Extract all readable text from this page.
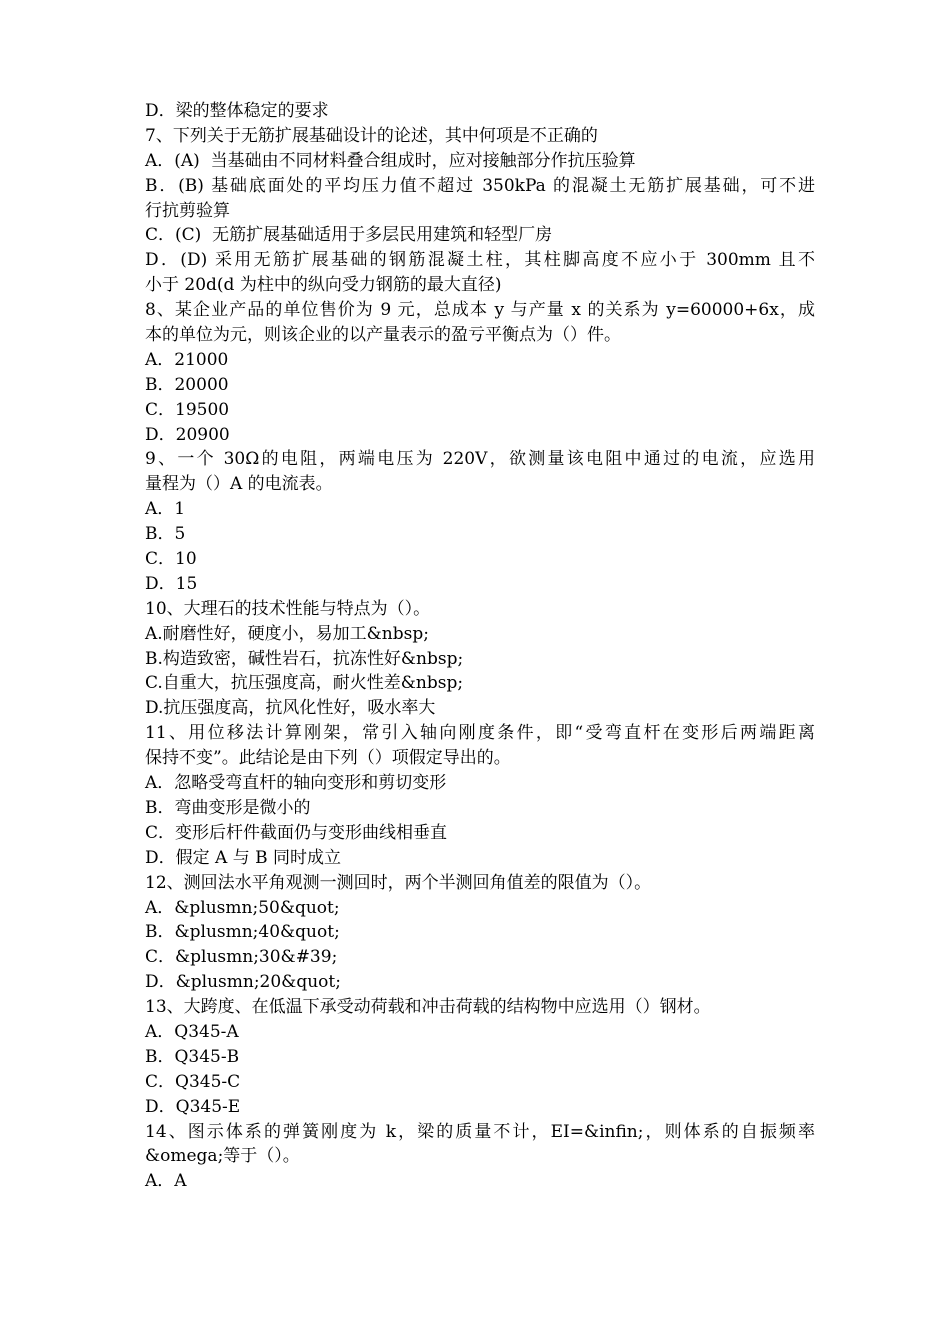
D．梁的整体稳定的要求
7、下列关于无筋扩展基础设计的论述，其中何项是不正确的
A．(A)  当基础由不同材料叠合组成时，应对接触部分作抗压验算
B．(B) 基础底面处的平均压力值不超过 350kPa 的混凝土无筋扩展基础，可不进
行抗剪验算
C．(C)  无筋扩展基础适用于多层民用建筑和轻型厂房
D．(D) 采用无筋扩展基础的钢筋混凝土柱，其柱脚高度不应小于 300mm 且不
小于 20d(d 为柱中的纵向受力钢筋的最大直径)
8、某企业产品的单位售价为 9 元，总成本 y 与产量 x 的关系为 y=60000+6x，成
本的单位为元，则该企业的以产量表示的盈亏平衡点为（）件。
A．21000
B．20000
C．19500
D．20900
9、一个 30Ω的电阻，两端电压为 220V，欲测量该电阻中通过的电流，应选用
量程为（）A 的电流表。
A．1
B．5
C．10
D．15
10、大理石的技术性能与特点为（）。
A.耐磨性好，硬度小，易加工&nbsp;
B.构造致密，碱性岩石，抗冻性好&nbsp;
C.自重大，抗压强度高，耐火性差&nbsp;
D.抗压强度高，抗风化性好，吸水率大
11、用位移法计算刚架，常引入轴向刚度条件，即“受弯直杆在变形后两端距离
保持不变”。此结论是由下列（）项假定导出的。
A．忽略受弯直杆的轴向变形和剪切变形
B．弯曲变形是微小的
C．变形后杆件截面仍与变形曲线相垂直
D．假定 A 与 B 同时成立
12、测回法水平角观测一测回时，两个半测回角值差的限值为（）。
A．&plusmn;50&quot;
B．&plusmn;40&quot;
C．&plusmn;30&#39;
D．&plusmn;20&quot;
13、大跨度、在低温下承受动荷载和冲击荷载的结构物中应选用（）钢材。
A．Q345-A
B．Q345-B
C．Q345-C
D．Q345-E
14、图示体系的弹簧刚度为 k，梁的质量不计，EI=&infin;，则体系的自振频率
&omega;等于（）。
A．A
